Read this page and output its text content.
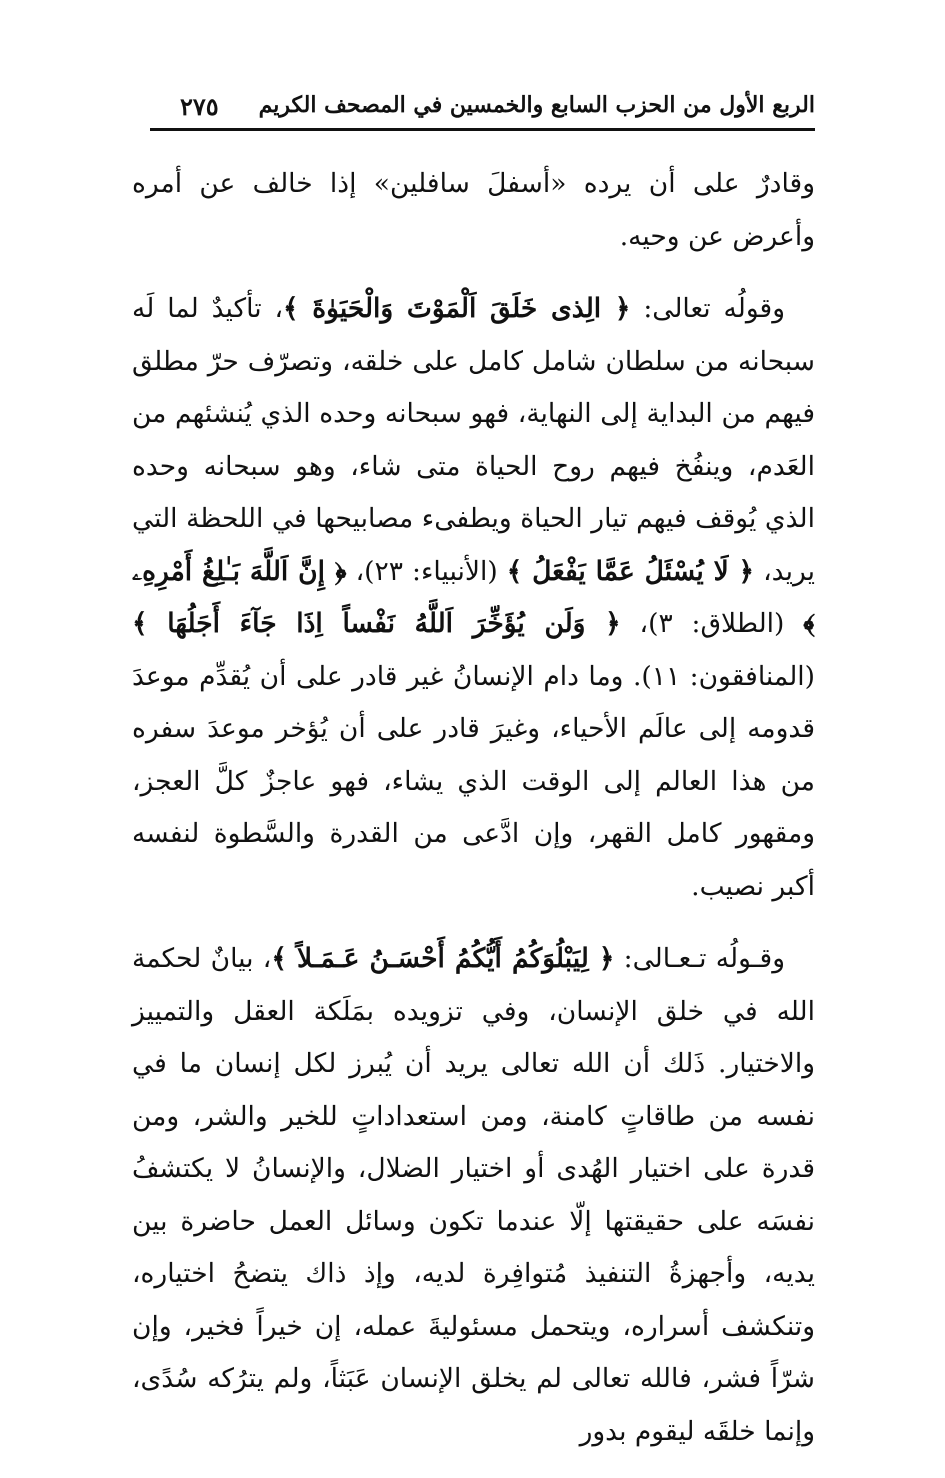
٢٧٥ الربع الأول من الحزب السابع والخمسين في المصحف الكريم

وقادرٌ على أن يرده «أسفلَ سافلين» إذا خالف عن أمره وأعرض عن وحيه.

وقولُه تعالى: ﴿ الِذى خَلَقَ اَلْمَوْتَ وَالْحَيَوٰةَ ﴾، تأكيدٌ لما لَه سبحانه من سلطان شامل كامل على خلقه، وتصرّف حرّ مطلق فيهم من البداية إلى النهاية، فهو سبحانه وحده الذي يُنشئهم من العَدم، وينفُخ فيهم روح الحياة متى شاء، وهو سبحانه وحده الذي يُوقف فيهم تيار الحياة ويطفىء مصابيحها في اللحظة التي يريد، ﴿ لَا يُسْئَلُ عَمَّا يَفْعَلُ ﴾ (الأنبياء: ٢٣)، ﴿ إِنَّ اَللَّهَ بَـٰلِغُ أَمْرِهِۦ ﴾ (الطلاق: ٣)، ﴿ وَلَن يُؤَخِّرَ اَللَّهُ نَفْساً اِذَا جَآءَ أَجَلُهَا ﴾ (المنافقون: ١١). وما دام الإنسانُ غير قادر على أن يُقدِّم موعدَ قدومه إلى عالَم الأحياء، وغيرَ قادر على أن يُؤخر موعدَ سفره من هذا العالم إلى الوقت الذي يشاء، فهو عاجزٌ كلَّ العجز، ومقهور كامل القهر، وإن ادَّعى من القدرة والسَّطوة لنفسه أكبر نصيب.

وقـولُه تـعـالى: ﴿ لِيَبْلُوَكُمُ أَيُّكُمُ أَحْسَـنُ عَـمَـلاً ﴾، بيانٌ لحكمة الله في خلق الإنسان، وفي تزويده بمَلَكة العقل والتمييز والاختيار. ذَلك أن الله تعالى يريد أن يُبرز لكل إنسان ما في نفسه من طاقاتٍ كامنة، ومن استعداداتٍ للخير والشر، ومن قدرة على اختيار الهُدى أو اختيار الضلال، والإنسانُ لا يكتشفُ نفسَه على حقيقتها إلّا عندما تكون وسائل العمل حاضرة بين يديه، وأجهزةُ التنفيذ مُتوافِرة لديه، وإذ ذاك يتضحُ اختياره، وتنكشف أسراره، ويتحمل مسئوليةَ عمله، إن خيراً فخير، وإن شرّاً فشر، فالله تعالى لم يخلق الإنسان عَبَثاً، ولم يترُكه سُدًى، وإنما خلقَه ليقوم بدور
